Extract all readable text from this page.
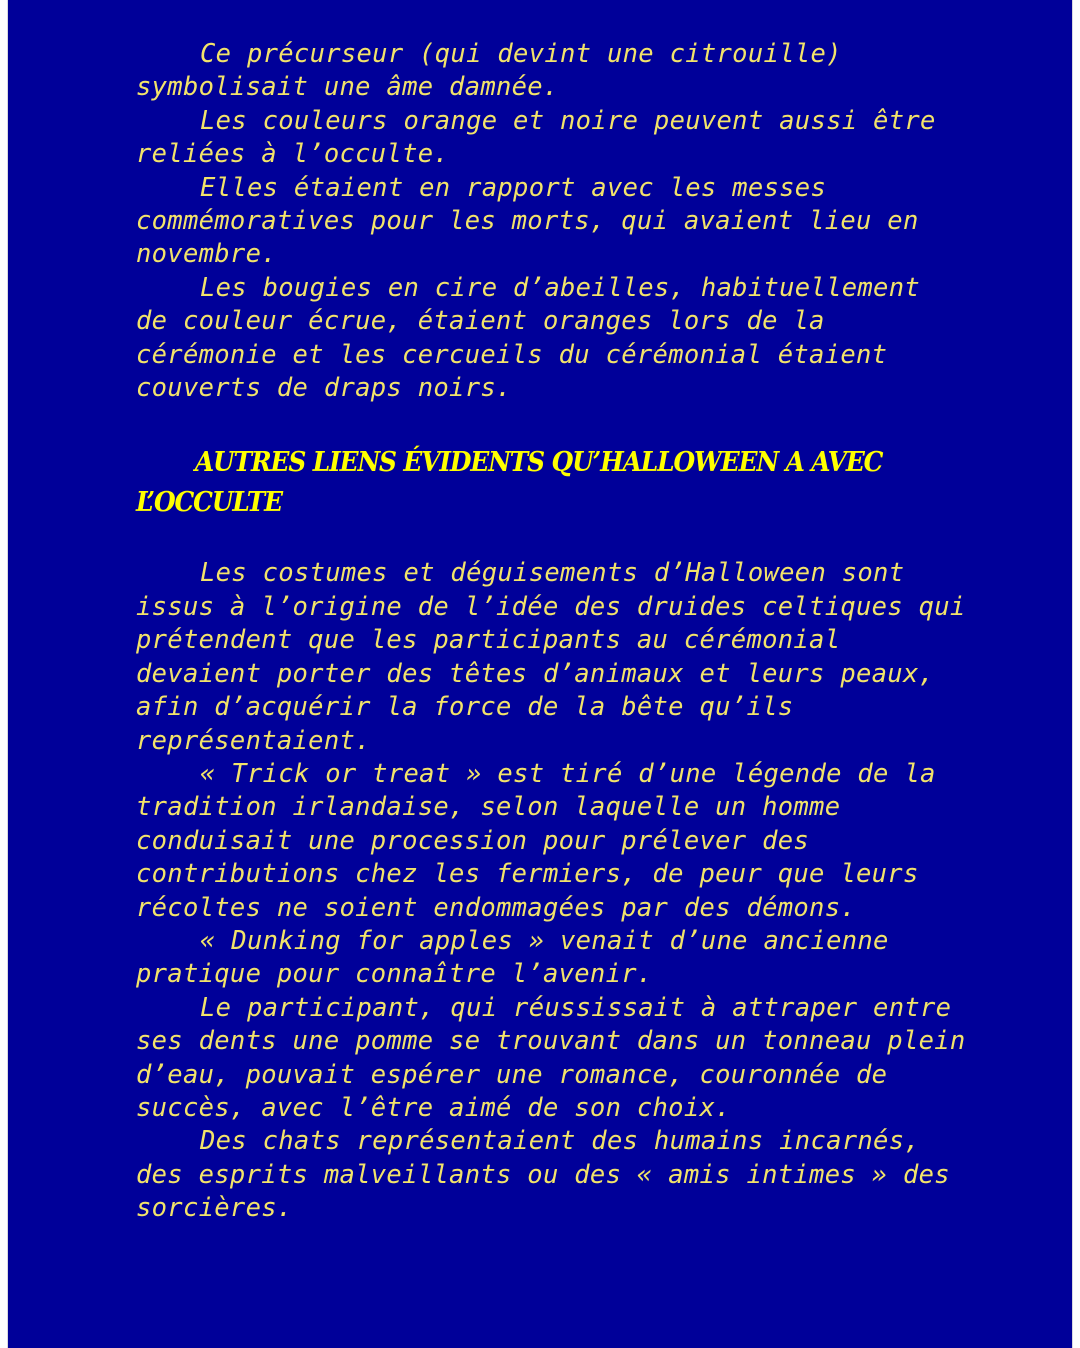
Ce précurseur (qui devint une citrouille) symbolisait une âme damnée.

Les couleurs orange et noire peuvent aussi être reliées à l’occulte.

Elles étaient en rapport avec les messes commémoratives pour les morts, qui avaient lieu en novembre.

Les bougies en cire d’abeilles, habituellement de couleur écrue, étaient oranges lors de la cérémonie et les cercueils du cérémonial étaient couverts de draps noirs.

AUTRES LIENS ÉVIDENTS QU’HALLOWEEN A AVEC L’OCCULTE

Les costumes et déguisements d’Halloween sont issus à l’origine de l’idée des druides celtiques qui prétendent que les participants au cérémonial devaient porter des têtes d’animaux et leurs peaux, afin d’acquérir la force de la bête qu’ils représentaient.

« Trick or treat » est tiré d’une légende de la tradition irlandaise, selon laquelle un homme conduisait une procession pour prélever des contributions chez les fermiers, de peur que leurs récoltes ne soient endommagées par des démons.

« Dunking for apples » venait d’une ancienne pratique pour connaître l’avenir.

Le participant, qui réussissait à attraper entre ses dents une pomme se trouvant dans un tonneau plein d’eau, pouvait espérer une romance, couronnée de succès, avec l’être aimé de son choix.

Des chats représentaient des humains incarnés, des esprits malveillants ou des « amis intimes » des sorcières.
